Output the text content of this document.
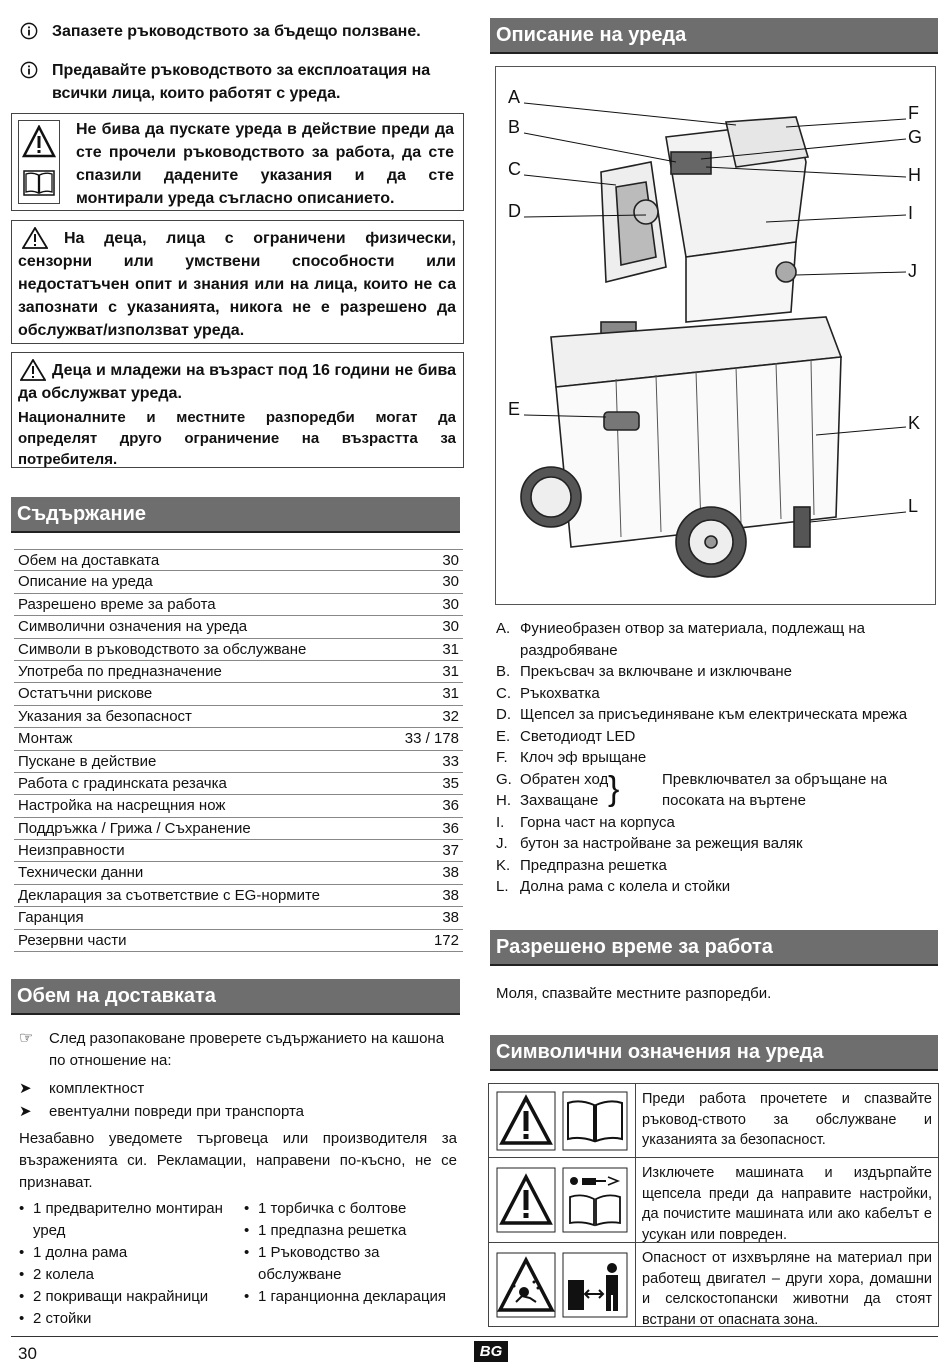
Запазете ръководството за бъдещо ползване.
Предавайте ръководството за експлоатация на всички лица, които работят с уреда.
Не бива да пускате уреда в действие преди да сте прочели ръководството за работа, да сте спазили дадените указания и да сте монтирали уреда съгласно описанието.
На деца, лица с ограничени физически, сензорни или умствени способности или недостатъчен опит и знания или на лица, които не са запознати с указанията, никога не е разрешено да обслужват/използват уреда.
Деца и младежи на възраст под 16 години не бива да обслужват уреда.
Националните и местните разпоредби могат да определят друго ограничение на възрастта за потребителя.
Съдържание
Обем на доставката	30
Описание на уреда	30
Разрешено време за работа	30
Символични означения на уреда	30
Символи в ръководството за обслужване	31
Употреба по предназначение	31
Остатъчни рискове	31
Указания за безопасност	32
Монтаж	33 / 178
Пускане в действие	33
Работа с градинската резачка	35
Настройка на насрещния нож	36
Поддръжка / Грижа / Съхранение	36
Неизправности	37
Технически данни	38
Декларация за съответствие с EG-нормите	38
Гаранция	38
Резервни части	172
Обем на доставката
☞ След разопаковане проверете съдържанието на кашона по отношение на:
➤ комплектност
➤ евентуални повреди при транспорта
Незабавно уведомете търговеца или производителя за възраженията си. Рекламации, направени по-късно, не се признават.
• 1 предварително монтиран уред
• 1 долна рама
• 2 колела
• 2 покриващи накрайници
• 2 стойки
• 1 торбичка с болтове
• 1 предпазна решетка
• 1 Ръководство за обслужване
• 1 гаранционна декларация
Описание на уреда
A
B
C
D
E
F
G
H
I
J
K
L
A. Фуниеобразен отвор за материала, подлежащ на раздробяване
B. Прекъсвач за включване и изключване
C. Ръкохватка
D. Щепсел за присъединяване към електрическата мрежа
E. Светодиодт LED
F. Клоч эф врыщане
G. Обратен ход }	Превключвател за обръщане на посоката на въртене
H. Захващане
I. Горна част на корпуса
J. бутон за настройване за режещия валяк
K. Предпразна решетка
L. Долна рама с колела и стойки
Разрешено време за работа
Моля, спазвайте местните разпоредби.
Символични означения на уреда
Преди работа прочетете и спазвайте ръковод-ството за обслужване и указанията за безопасност.
Изключете машината и издърпайте щепсела преди да направите настройки, да почистите машината или ако кабелът е усукан или повреден.
Опасност от изхвърляне на материал при работещ двигател – други хора, домашни и селскостопански животни да стоят встрани от опасната зона.
30	BG
